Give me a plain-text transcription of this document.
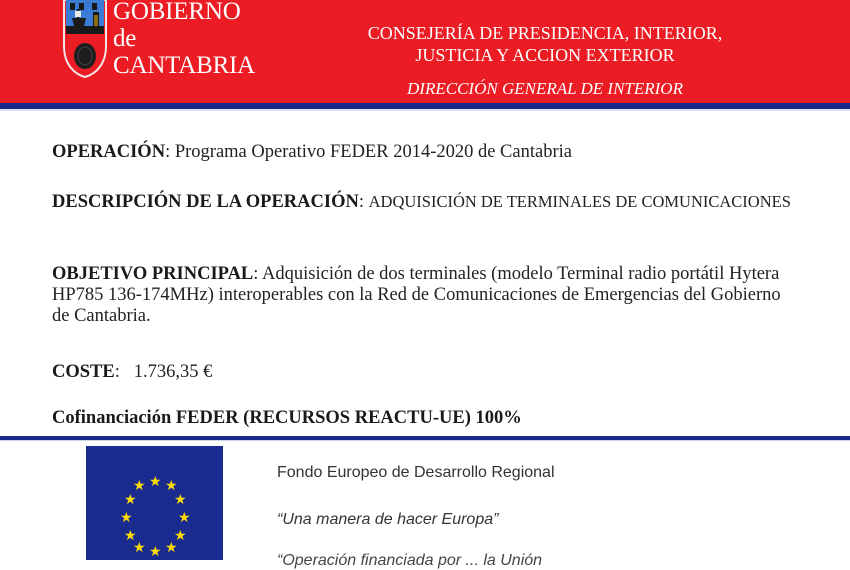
GOBIERNO
de
CANTABRIA
CONSEJERÍA DE PRESIDENCIA, INTERIOR,
JUSTICIA Y ACCION EXTERIOR
DIRECCIÓN GENERAL DE INTERIOR
OPERACIÓN: Programa Operativo FEDER 2014-2020 de Cantabria
DESCRIPCIÓN DE LA OPERACIÓN: ADQUISICIÓN DE TERMINALES DE COMUNICACIONES
OBJETIVO PRINCIPAL: Adquisición de dos terminales (modelo Terminal radio portátil Hytera HP785 136-174MHz) interoperables con la Red de Comunicaciones de Emergencias del Gobierno de Cantabria.
COSTE:   1.736,35 €
Cofinanciación FEDER (RECURSOS REACTU-UE) 100%
★ ★
★
★
★
★
★
★
★
★
★ ★
Fondo Europeo de Desarrollo Regional
“Una manera de hacer Europa”
“Operación financiada por ... la Unión
